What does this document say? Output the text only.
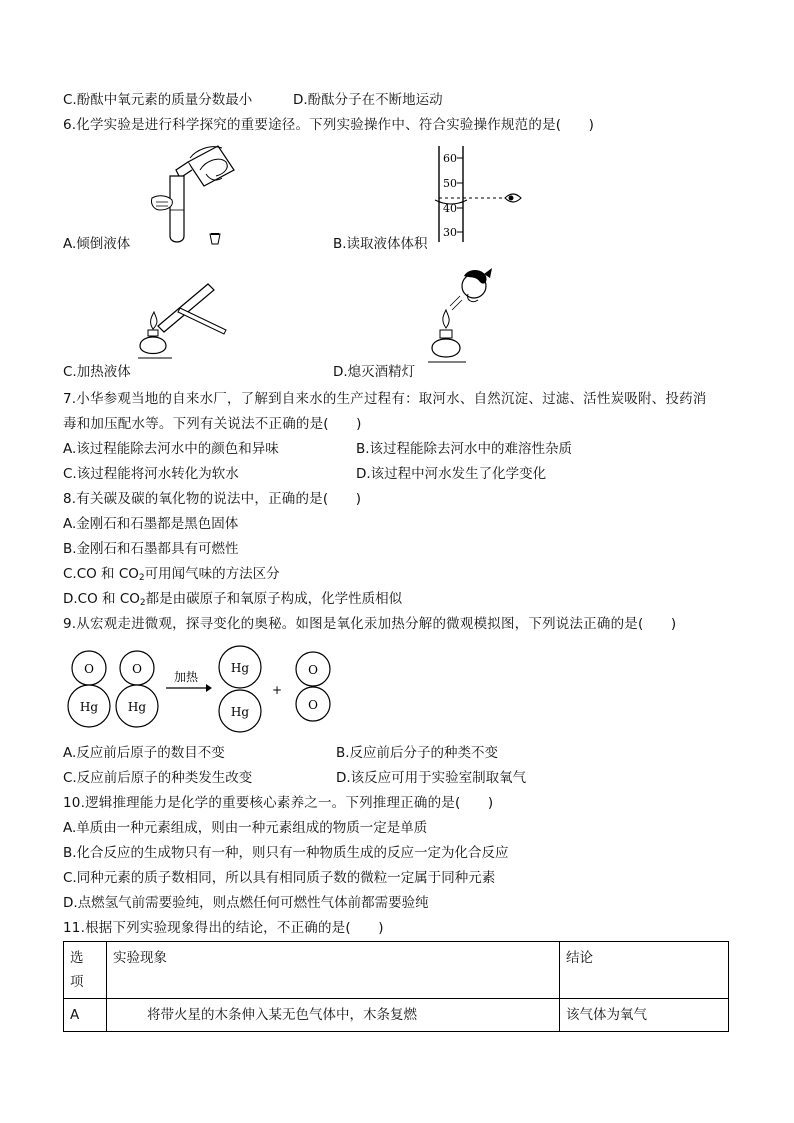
C.酚酞中氧元素的质量分数最小	D.酚酞分子在不断地运动
6.化学实验是进行科学探究的重要途径。下列实验操作中、符合实验操作规范的是(　　)
A.倾倒液体
60
50
40
30
B.读取液体体积
C.加热液体	D.熄灭酒精灯
7.小华参观当地的自来水厂，了解到自来水的生产过程有：取河水、自然沉淀、过滤、活性炭吸附、投药消
毒和加压配水等。下列有关说法不正确的是(　　)
A.该过程能除去河水中的颜色和异味	B.该过程能除去河水中的难溶性杂质
C.该过程能将河水转化为软水	D.该过程中河水发生了化学变化
8.有关碳及碳的氧化物的说法中，正确的是(　　)
A.金刚石和石墨都是黑色固体
B.金刚石和石墨都具有可燃性
C.CO 和 $CO_2$可用闻气味的方法区分
D.CO 和 $CO_2$都是由碳原子和氧原子构成，化学性质相似
9.从宏观走进微观，探寻变化的奥秘。如图是氧化汞加热分解的微观模拟图，下列说法正确的是(　　)
O
Hg
O
Hg
加热
Hg
Hg
+
O
O
A.反应前后原子的数目不变	B.反应前后分子的种类不变
C.反应前后原子的种类发生改变	D.该反应可用于实验室制取氧气
10.逻辑推理能力是化学的重要核心素养之一。下列推理正确的是(　　)
A.单质由一种元素组成，则由一种元素组成的物质一定是单质
B.化合反应的生成物只有一种，则只有一种物质生成的反应一定为化合反应
C.同种元素的质子数相同，所以具有相同质子数的微粒一定属于同种元素
D.点燃氢气前需要验纯，则点燃任何可燃性气体前都需要验纯
11.根据下列实验现象得出的结论，不正确的是(　　)
选
项	实验现象	结论
A	将带火星的木条伸入某无色气体中，木条复燃	该气体为氧气
